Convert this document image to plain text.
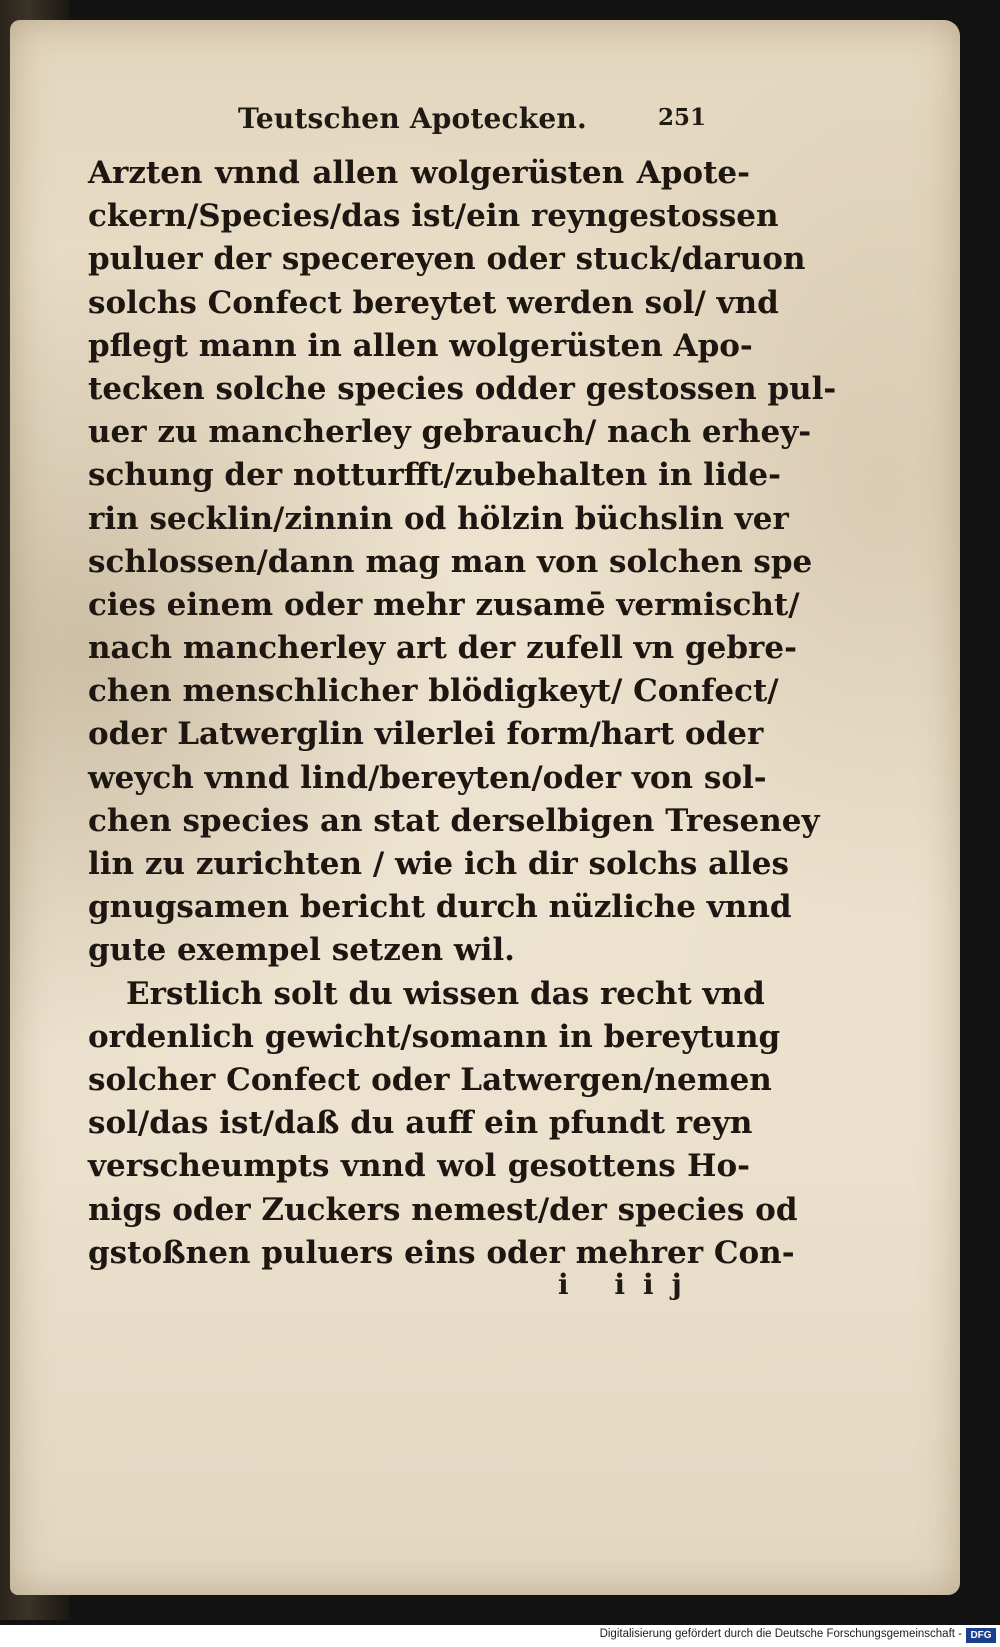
Teutschen Apotecken.	251
Arzten vnnd allen wolgerüsten Apote-
ckern/Species/das ist/ein reyngestossen
puluer der specereyen oder stuck/daruon
solchs Confect bereytet werden sol/ vnd
pflegt mann in allen wolgerüsten Apo-
tecken solche species odder gestossen pul-
uer zu mancherley gebrauch/ nach erhey-
schung der notturfft/zubehalten in lide-
rin secklin/zinnin od hölzin büchslin ver
schlossen/dann mag man von solchen spe
cies einem oder mehr zusamē vermischt/
nach mancherley art der zufell vn gebre-
chen menschlicher blödigkeyt/ Confect/
oder Latwerglin vilerlei form/hart oder
weych vnnd lind/bereyten/oder von sol-
chen species an stat derselbigen Treseney
lin zu zurichten / wie ich dir solchs alles
gnugsamen bericht durch nüzliche vnnd
gute exempel setzen wil.
Erstlich solt du wissen das recht vnd
ordenlich gewicht/somann in bereytung
solcher Confect oder Latwergen/nemen
sol/das ist/daß du auff ein pfundt reyn
verscheumpts vnnd wol gesottens Ho-
nigs oder Zuckers nemest/der species od
gstoßnen puluers eins oder mehrer Con-
i iij
Digitalisierung gefördert durch die Deutsche Forschungsgemeinschaft - DFG
